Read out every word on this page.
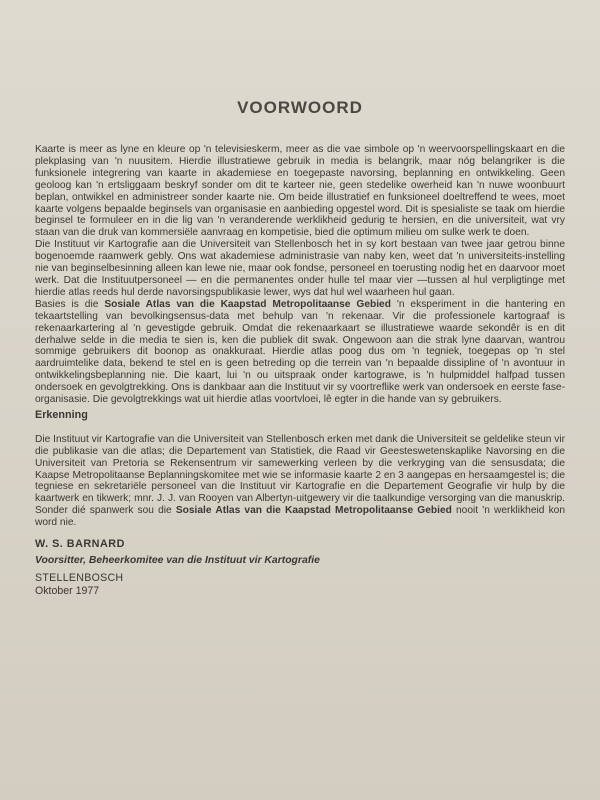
VOORWOORD

Kaarte is meer as lyne en kleure op 'n televisieskerm, meer as die vae simbole op 'n weervoorspellingskaart en die plekplasing van 'n nuusitem. Hierdie illustratiewe gebruik in media is belangrik, maar nóg belangriker is die funksionele integrering van kaarte in akademiese en toegepaste navorsing, beplanning en ontwikkeling. Geen geoloog kan 'n ertsliggaam beskryf sonder om dit te karteer nie, geen stedelike owerheid kan 'n nuwe woonbuurt beplan, ontwikkel en administreer sonder kaarte nie. Om beide illustratief en funksioneel doeltreffend te wees, moet kaarte volgens bepaalde beginsels van organisasie en aanbieding opgestel word. Dit is spesialiste se taak om hierdie beginsel te formuleer en in die lig van 'n veranderende werklikheid gedurig te hersien, en die universiteit, wat vry staan van die druk van kommersiële aanvraag en kompetisie, bied die optimum milieu om sulke werk te doen.

Die Instituut vir Kartografie aan die Universiteit van Stellenbosch het in sy kort bestaan van twee jaar getrou binne bogenoemde raamwerk gebly. Ons wat akademiese administrasie van naby ken, weet dat 'n universiteits-instelling nie van beginselbesinning alleen kan lewe nie, maar ook fondse, personeel en toerusting nodig het en daarvoor moet werk. Dat die Instituutpersoneel — en die permanentes onder hulle tel maar vier —tussen al hul verpligtinge met hierdie atlas reeds hul derde navorsingspublikasie lewer, wys dat hul wel waarheen hul gaan.

Basies is die Sosiale Atlas van die Kaapstad Metropolitaanse Gebied 'n eksperiment in die hantering en tekaartstelling van bevolkingsensus-data met behulp van 'n rekenaar. Vir die professionele kartograaf is rekenaarkartering al 'n gevestigde gebruik. Omdat die rekenaarkaart se illustratiewe waarde sekondêr is en dit derhalwe selde in die media te sien is, ken die publiek dit swak. Ongewoon aan die strak lyne daarvan, wantrou sommige gebruikers dit boonop as onakkuraat. Hierdie atlas poog dus om 'n tegniek, toegepas op 'n stel aardruimtelike data, bekend te stel en is geen betreding op die terrein van 'n bepaalde dissipline of 'n avontuur in ontwikkelingsbeplanning nie. Die kaart, lui 'n ou uitspraak onder kartograwe, is 'n hulpmiddel halfpad tussen ondersoek en gevolgtrekking. Ons is dankbaar aan die Instituut vir sy voortreflike werk van ondersoek en eerste fase-organisasie. Die gevolgtrekkings wat uit hierdie atlas voortvloei, lê egter in die hande van sy gebruikers.

Erkenning

Die Instituut vir Kartografie van die Universiteit van Stellenbosch erken met dank die Universiteit se geldelike steun vir die publikasie van die atlas; die Departement van Statistiek, die Raad vir Geesteswetenskaplike Navorsing en die Universiteit van Pretoria se Rekensentrum vir samewerking verleen by die verkryging van die sensusdata; die Kaapse Metropolitaanse Beplanningskomitee met wie se informasie kaarte 2 en 3 aangepas en hersaamgestel is; die tegniese en sekretariële personeel van die Instituut vir Kartografie en die Departement Geografie vir hulp by die kaartwerk en tikwerk; mnr. J. J. van Rooyen van Albertyn-uitgewery vir die taalkundige versorging van die manuskrip. Sonder dié spanwerk sou die Sosiale Atlas van die Kaapstad Metropolitaanse Gebied nooit 'n werklikheid kon word nie.

W. S. BARNARD
Voorsitter, Beheerkomitee van die Instituut vir Kartografie
STELLENBOSCH
Oktober 1977
